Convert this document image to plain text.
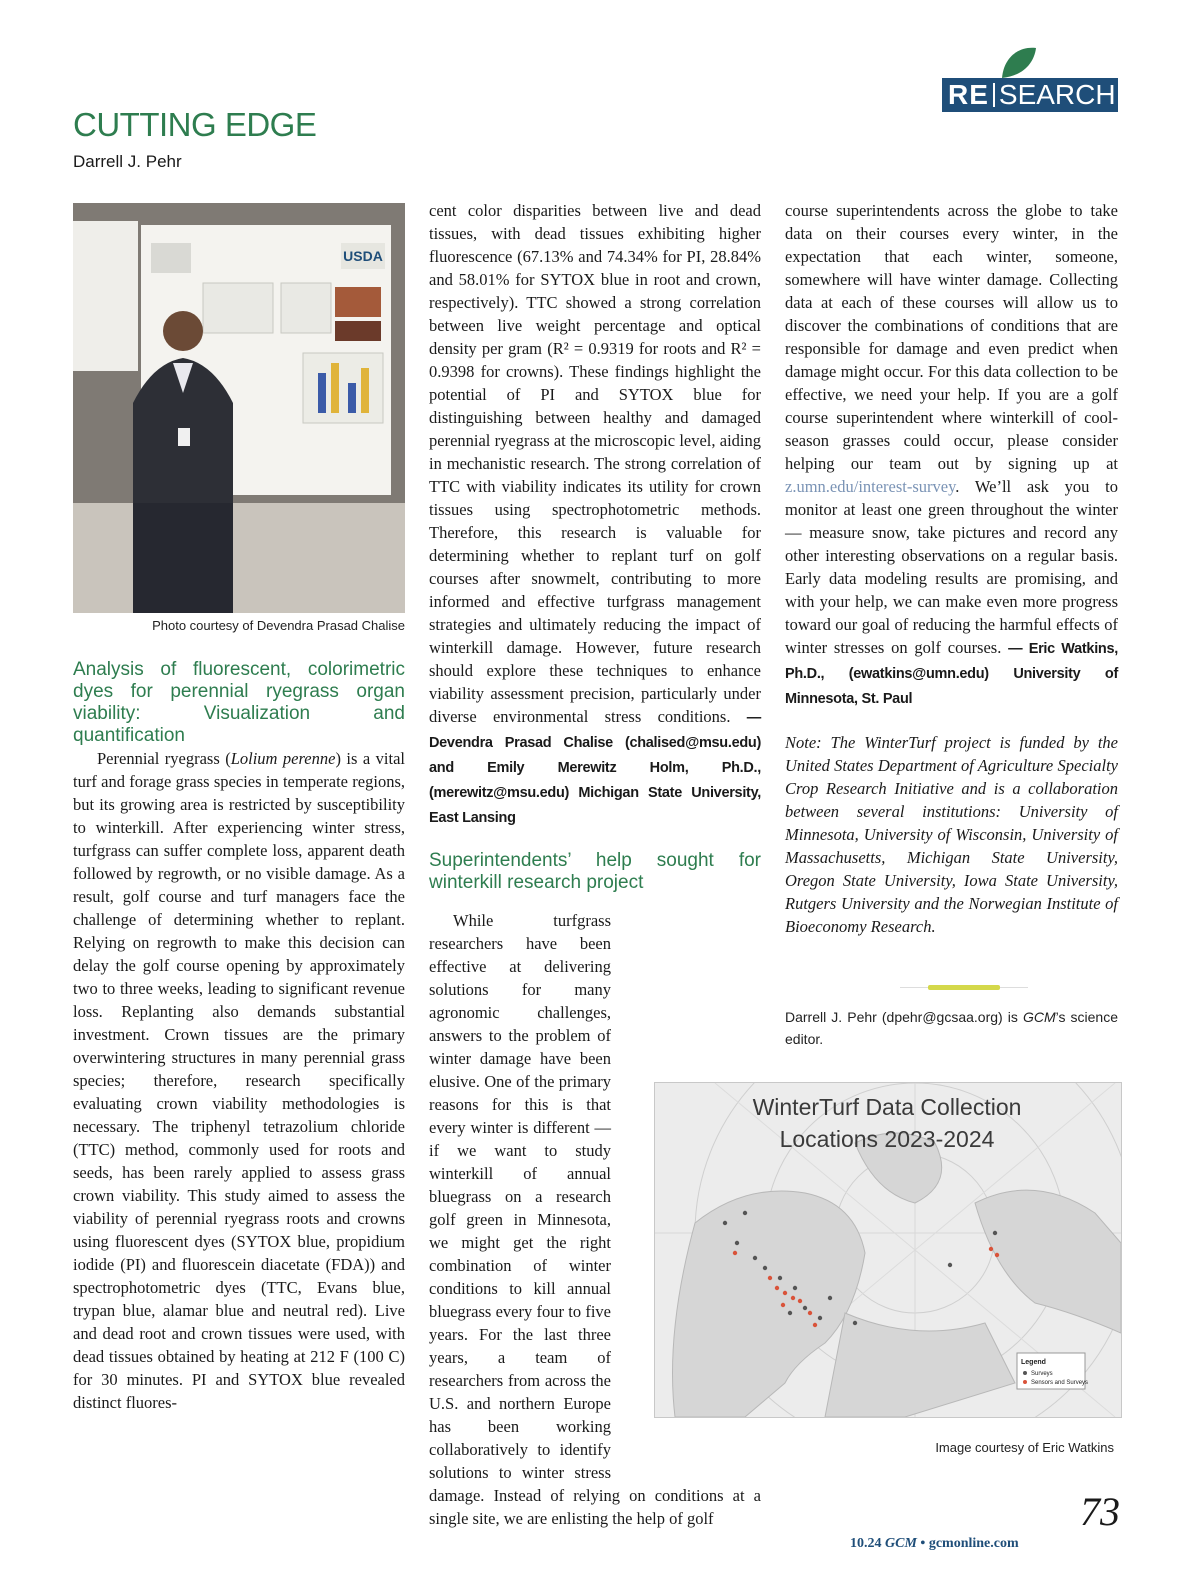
RE SEARCH
CUTTING EDGE
Darrell J. Pehr
USDA
Photo courtesy of Devendra Prasad Chalise
Analysis of fluorescent, colorimetric dyes for perennial ryegrass organ viability: Visualization and quantification

Perennial ryegrass (Lolium perenne) is a vital turf and forage grass species in temperate regions, but its growing area is restricted by susceptibility to winterkill. After experiencing winter stress, turfgrass can suffer complete loss, apparent death followed by regrowth, or no visible damage. As a result, golf course and turf managers face the challenge of determining whether to replant. Relying on regrowth to make this decision can delay the golf course opening by approximately two to three weeks, leading to significant revenue loss. Replanting also demands substantial investment. Crown tissues are the primary overwintering structures in many perennial grass species; therefore, research specifically evaluating crown viability methodologies is necessary. The triphenyl tetrazolium chloride (TTC) method, commonly used for roots and seeds, has been rarely applied to assess grass crown viability. This study aimed to assess the viability of perennial ryegrass roots and crowns using fluorescent dyes (SYTOX blue, propidium iodide (PI) and fluorescein diacetate (FDA)) and spectrophotometric dyes (TTC, Evans blue, trypan blue, alamar blue and neutral red). Live and dead root and crown tissues were used, with dead tissues obtained by heating at 212 F (100 C) for 30 minutes. PI and SYTOX blue revealed distinct fluores-

cent color disparities between live and dead tissues, with dead tissues exhibiting higher fluorescence (67.13% and 74.34% for PI, 28.84% and 58.01% for SYTOX blue in root and crown, respectively). TTC showed a strong correlation between live weight percentage and optical density per gram (R² = 0.9319 for roots and R² = 0.9398 for crowns). These findings highlight the potential of PI and SYTOX blue for distinguishing between healthy and damaged perennial ryegrass at the microscopic level, aiding in mechanistic research. The strong correlation of TTC with viability indicates its utility for crown tissues using spectrophotometric methods. Therefore, this research is valuable for determining whether to replant turf on golf courses after snowmelt, contributing to more informed and effective turfgrass management strategies and ultimately reducing the impact of winterkill damage. However, future research should explore these techniques to enhance viability assessment precision, particularly under diverse environmental stress conditions. — Devendra Prasad Chalise (chalised@msu.edu) and Emily Merewitz Holm, Ph.D., (merewitz@msu.edu) Michigan State University, East Lansing

Superintendents’ help sought for winterkill research project

While turfgrass researchers have been effective at delivering solutions for many agronomic challenges, answers to the problem of winter damage have been elusive. One of the primary reasons for this is that every winter is different — if we want to study winterkill of annual bluegrass on a research golf green in Minnesota, we might get the right combination of winter conditions to kill annual bluegrass every four to five years. For the last three years, a team of researchers from across the U.S. and northern Europe has been working collaboratively to identify solutions to winter stress damage. Instead of relying on conditions at a single site, we are enlisting the help of golf

course superintendents across the globe to take data on their courses every winter, in the expectation that each winter, someone, somewhere will have winter damage. Collecting data at each of these courses will allow us to discover the combinations of conditions that are responsible for damage and even predict when damage might occur. For this data collection to be effective, we need your help. If you are a golf course superintendent where winterkill of cool-season grasses could occur, please consider helping our team out by signing up at z.umn.edu/interest-survey. We’ll ask you to monitor at least one green throughout the winter — measure snow, take pictures and record any other interesting observations on a regular basis. Early data modeling results are promising, and with your help, we can make even more progress toward our goal of reducing the harmful effects of winter stresses on golf courses. — Eric Watkins, Ph.D., (ewatkins@umn.edu) University of Minnesota, St. Paul

Note: The WinterTurf project is funded by the United States Department of Agriculture Specialty Crop Research Initiative and is a collaboration between several institutions: University of Minnesota, University of Wisconsin, University of Massachusetts, Michigan State University, Oregon State University, Iowa State University, Rutgers University and the Norwegian Institute of Bioeconomy Research.

Darrell J. Pehr (dpehr@gcsaa.org) is GCM’s science editor.
WinterTurf Data Collection
Locations 2023-2024
Legend
Surveys
Sensors and Surveys
Image courtesy of Eric Watkins
10.24 GCM • gcmonline.com
73
